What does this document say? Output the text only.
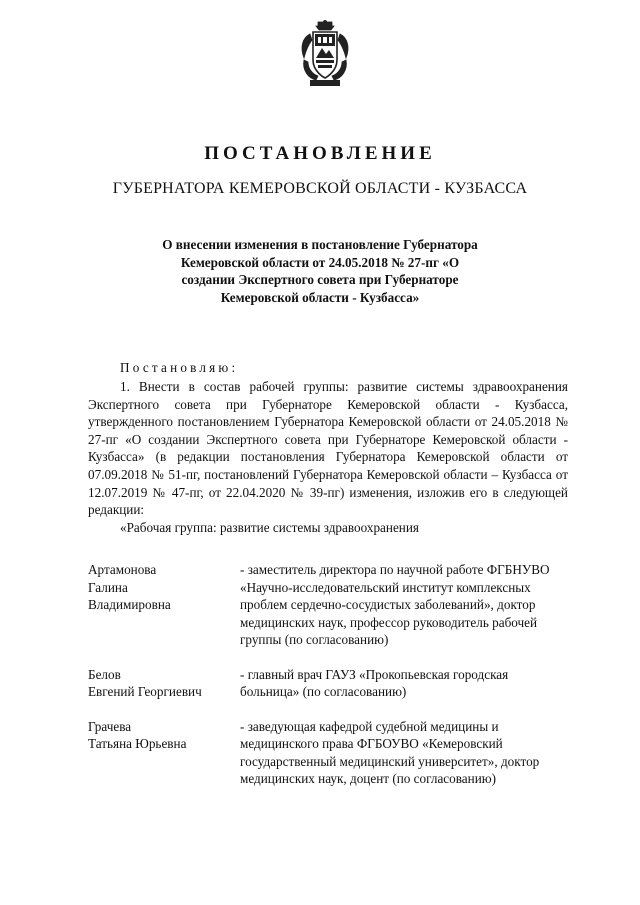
ПОСТАНОВЛЕНИЕ
ГУБЕРНАТОРА КЕМЕРОВСКОЙ ОБЛАСТИ - КУЗБАССА
О внесении изменения в постановление Губернатора
Кемеровской области от 24.05.2018 № 27-пг «О
создании Экспертного совета при Губернаторе
Кемеровской области - Кузбасса»
Постановляю:

1. Внести в состав рабочей группы: развитие системы здравоохранения Экспертного совета при Губернаторе Кемеровской области - Кузбасса, утвержденного постановлением Губернатора Кемеровской области от 24.05.2018 № 27-пг «О создании Экспертного совета при Губернаторе Кемеровской области - Кузбасса» (в редакции постановления Губернатора Кемеровской области от 07.09.2018 № 51-пг, постановлений Губернатора Кемеровской области – Кузбасса от 12.07.2019 № 47-пг, от 22.04.2020 № 39-пг) изменения, изложив его в следующей редакции:

«Рабочая группа: развитие системы здравоохранения

Артамонова
Галина
Владимировна
- заместитель директора по научной работе ФГБНУВО «Научно-исследовательский институт комплексных проблем сердечно-сосудистых заболеваний», доктор медицинских наук, профессор руководитель рабочей группы (по согласованию)
Белов
Евгений Георгиевич
- главный врач ГАУЗ «Прокопьевская городская больница» (по согласованию)
Грачева
Татьяна Юрьевна
- заведующая кафедрой судебной медицины и медицинского права ФГБОУВО «Кемеровский государственный медицинский университет», доктор медицинских наук, доцент (по согласованию)
